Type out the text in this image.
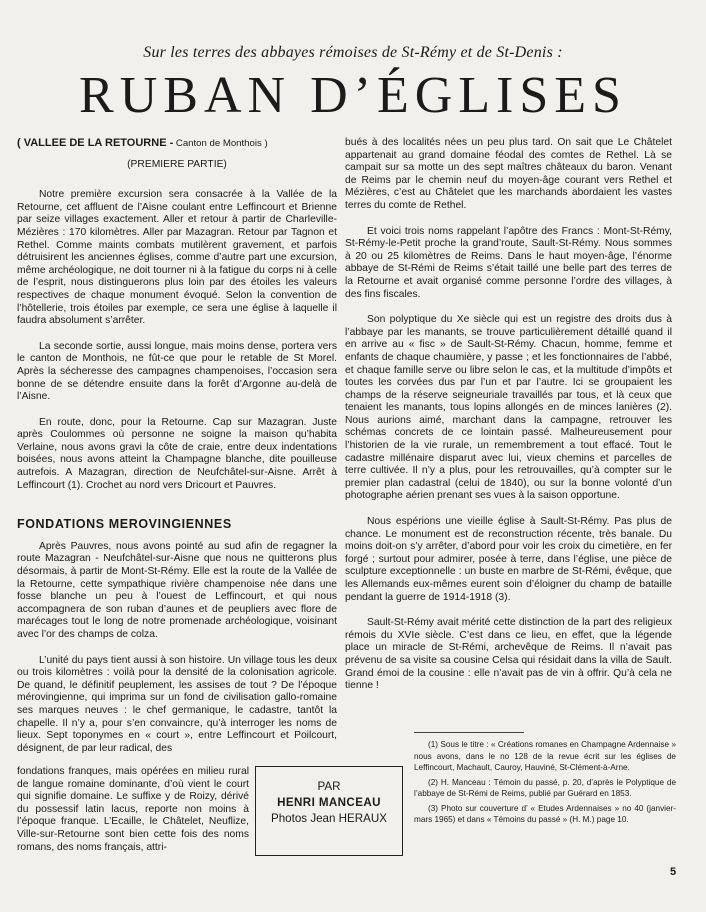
Sur les terres des abbayes rémoises de St-Rémy et de St-Denis :
RUBAN D’ÉGLISES
( VALLEE DE LA RETOURNE - Canton de Monthois )
(PREMIERE PARTIE)

Notre première excursion sera consacrée à la Vallée de la Retourne, cet affluent de l’Aisne coulant entre Leffincourt et Brienne par seize villages exactement. Aller et retour à partir de Charleville-Mézières : 170 kilomètres. Aller par Mazagran. Retour par Tagnon et Rethel. Comme maints combats mutilèrent gravement, et parfois détruisirent les anciennes églises, comme d’autre part une excursion, même archéologique, ne doit tourner ni à la fatigue du corps ni à celle de l’esprit, nous distinguerons plus loin par des étoiles les valeurs respectives de chaque monument évoqué. Selon la convention de l’hôtellerie, trois étoiles par exemple, ce sera une église à laquelle il faudra absolument s’arrêter.

La seconde sortie, aussi longue, mais moins dense, portera vers le canton de Monthois, ne fût-ce que pour le retable de St Morel. Après la sécheresse des campagnes champenoises, l’occasion sera bonne de se détendre ensuite dans la forêt d’Argonne au-delà de l’Aisne.

En route, donc, pour la Retourne. Cap sur Mazagran. Juste après Coulommes où personne ne soigne la maison qu’habita Verlaine, nous avons gravi la côte de craie, entre deux indentations boisées, nous avons atteint la Champagne blanche, dite pouilleuse autrefois. A Mazagran, direction de Neufchâtel-sur-Aisne. Arrêt à Leffincourt (1). Crochet au nord vers Dricourt et Pauvres.

FONDATIONS MEROVINGIENNES

Après Pauvres, nous avons pointé au sud afin de regagner la route Mazagran - Neufchâtel-sur-Aisne que nous ne quitterons plus désormais, à partir de Mont-St-Rémy. Elle est la route de la Vallée de la Retourne, cette sympathique rivière champenoise née dans une fosse blanche un peu à l’ouest de Leffincourt, et qui nous accompagnera de son ruban d’aunes et de peupliers avec flore de marécages tout le long de notre promenade archéologique, voisinant avec l’or des champs de colza.

L’unité du pays tient aussi à son histoire. Un village tous les deux ou trois kilomètres : voilà pour la densité de la colonisation agricole. De quand, le définitif peuplement, les assises de tout ? De l’époque mérovingienne, qui imprima sur un fond de civilisation gallo-romaine ses marques neuves : le chef germanique, le cadastre, tantôt la chapelle. Il n’y a, pour s’en convaincre, qu’à interroger les noms de lieux. Sept toponymes en « court », entre Leffincourt et Poilcourt, désignent, de par leur radical, des

fondations franques, mais opérées en milieu rural de langue romaine dominante, d’où vient le court qui signifie domaine. Le suffixe y de Roizy, dérivé du possessif latin lacus, reporte non moins à l’époque franque. L’Ecaille, le Châtelet, Neuflize, Ville-sur-Retourne sont bien cette fois des noms romans, des noms français, attri-

bués à des localités nées un peu plus tard. On sait que Le Châtelet appartenait au grand domaine féodal des comtes de Rethel. Là se campait sur sa motte un des sept maîtres châteaux du baron. Venant de Reims par le chemin neuf du moyen-âge courant vers Rethel et Mézières, c’est au Châtelet que les marchands abordaient les vastes terres du comte de Rethel.

Et voici trois noms rappelant l’apôtre des Francs : Mont-St-Rémy, St-Rémy-le-Petit proche la grand’route, Sault-St-Rémy. Nous sommes à 20 ou 25 kilomètres de Reims. Dans le haut moyen-âge, l’énorme abbaye de St-Rémi de Reims s’était taillé une belle part des terres de la Retourne et avait organisé comme personne l’ordre des villages, à des fins fiscales.

Son polyptique du Xe siècle qui est un registre des droits dus à l’abbaye par les manants, se trouve particulièrement détaillé quand il en arrive au « fisc » de Sault-St-Rémy. Chacun, homme, femme et enfants de chaque chaumière, y passe ; et les fonctionnaires de l’abbé, et chaque famille serve ou libre selon le cas, et la multitude d’impôts et toutes les corvées dus par l’un et par l’autre. Ici se groupaient les champs de la réserve seigneuriale travaillés par tous, et là ceux que tenaient les manants, tous lopins allongés en de minces lanières (2). Nous aurions aimé, marchant dans la campagne, retrouver les schémas concrets de ce lointain passé. Malheureusement pour l’historien de la vie rurale, un remembrement a tout effacé. Tout le cadastre millénaire disparut avec lui, vieux chemins et parcelles de terre cultivée. Il n’y a plus, pour les retrouvailles, qu’à compter sur le premier plan cadastral (celui de 1840), ou sur la bonne volonté d’un photographe aérien prenant ses vues à la saison opportune.

Nous espérions une vieille église à Sault-St-Rémy. Pas plus de chance. Le monument est de reconstruction récente, très banale. Du moins doit-on s’y arrêter, d’abord pour voir les croix du cimetière, en fer forgé ; surtout pour admirer, posée à terre, dans l’église, une pièce de sculpture exceptionnelle : un buste en marbre de St-Rémi, évêque, que les Allemands eux-mêmes eurent soin d’éloigner du champ de bataille pendant la guerre de 1914-1918 (3).

Sault-St-Rémy avait mérité cette distinction de la part des religieux rémois du XVIe siècle. C’est dans ce lieu, en effet, que la légende place un miracle de St-Rémi, archevêque de Reims. Il n’avait pas prévenu de sa visite sa cousine Celsa qui résidait dans la villa de Sault. Grand émoi de la cousine : elle n’avait pas de vin à offrir. Qu’à cela ne tienne !

PAR
HENRI MANCEAU
Photos Jean HERAUX

(1) Sous le titre : « Créations romanes en Champagne Ardennaise » nous avons, dans le no 128 de la revue écrit sur les églises de Leffincourt, Machault, Cauroy, Hauviné, St-Clément-à-Arne.

(2) H. Manceau : Témoin du passé, p. 20, d’après le Polyptique de l’abbaye de St-Rémi de Reims, publié par Guérard en 1853.

(3) Photo sur couverture d’ « Etudes Ardennaises » no 40 (janvier-mars 1965) et dans « Témoins du passé » (H. M.) page 10.

5
